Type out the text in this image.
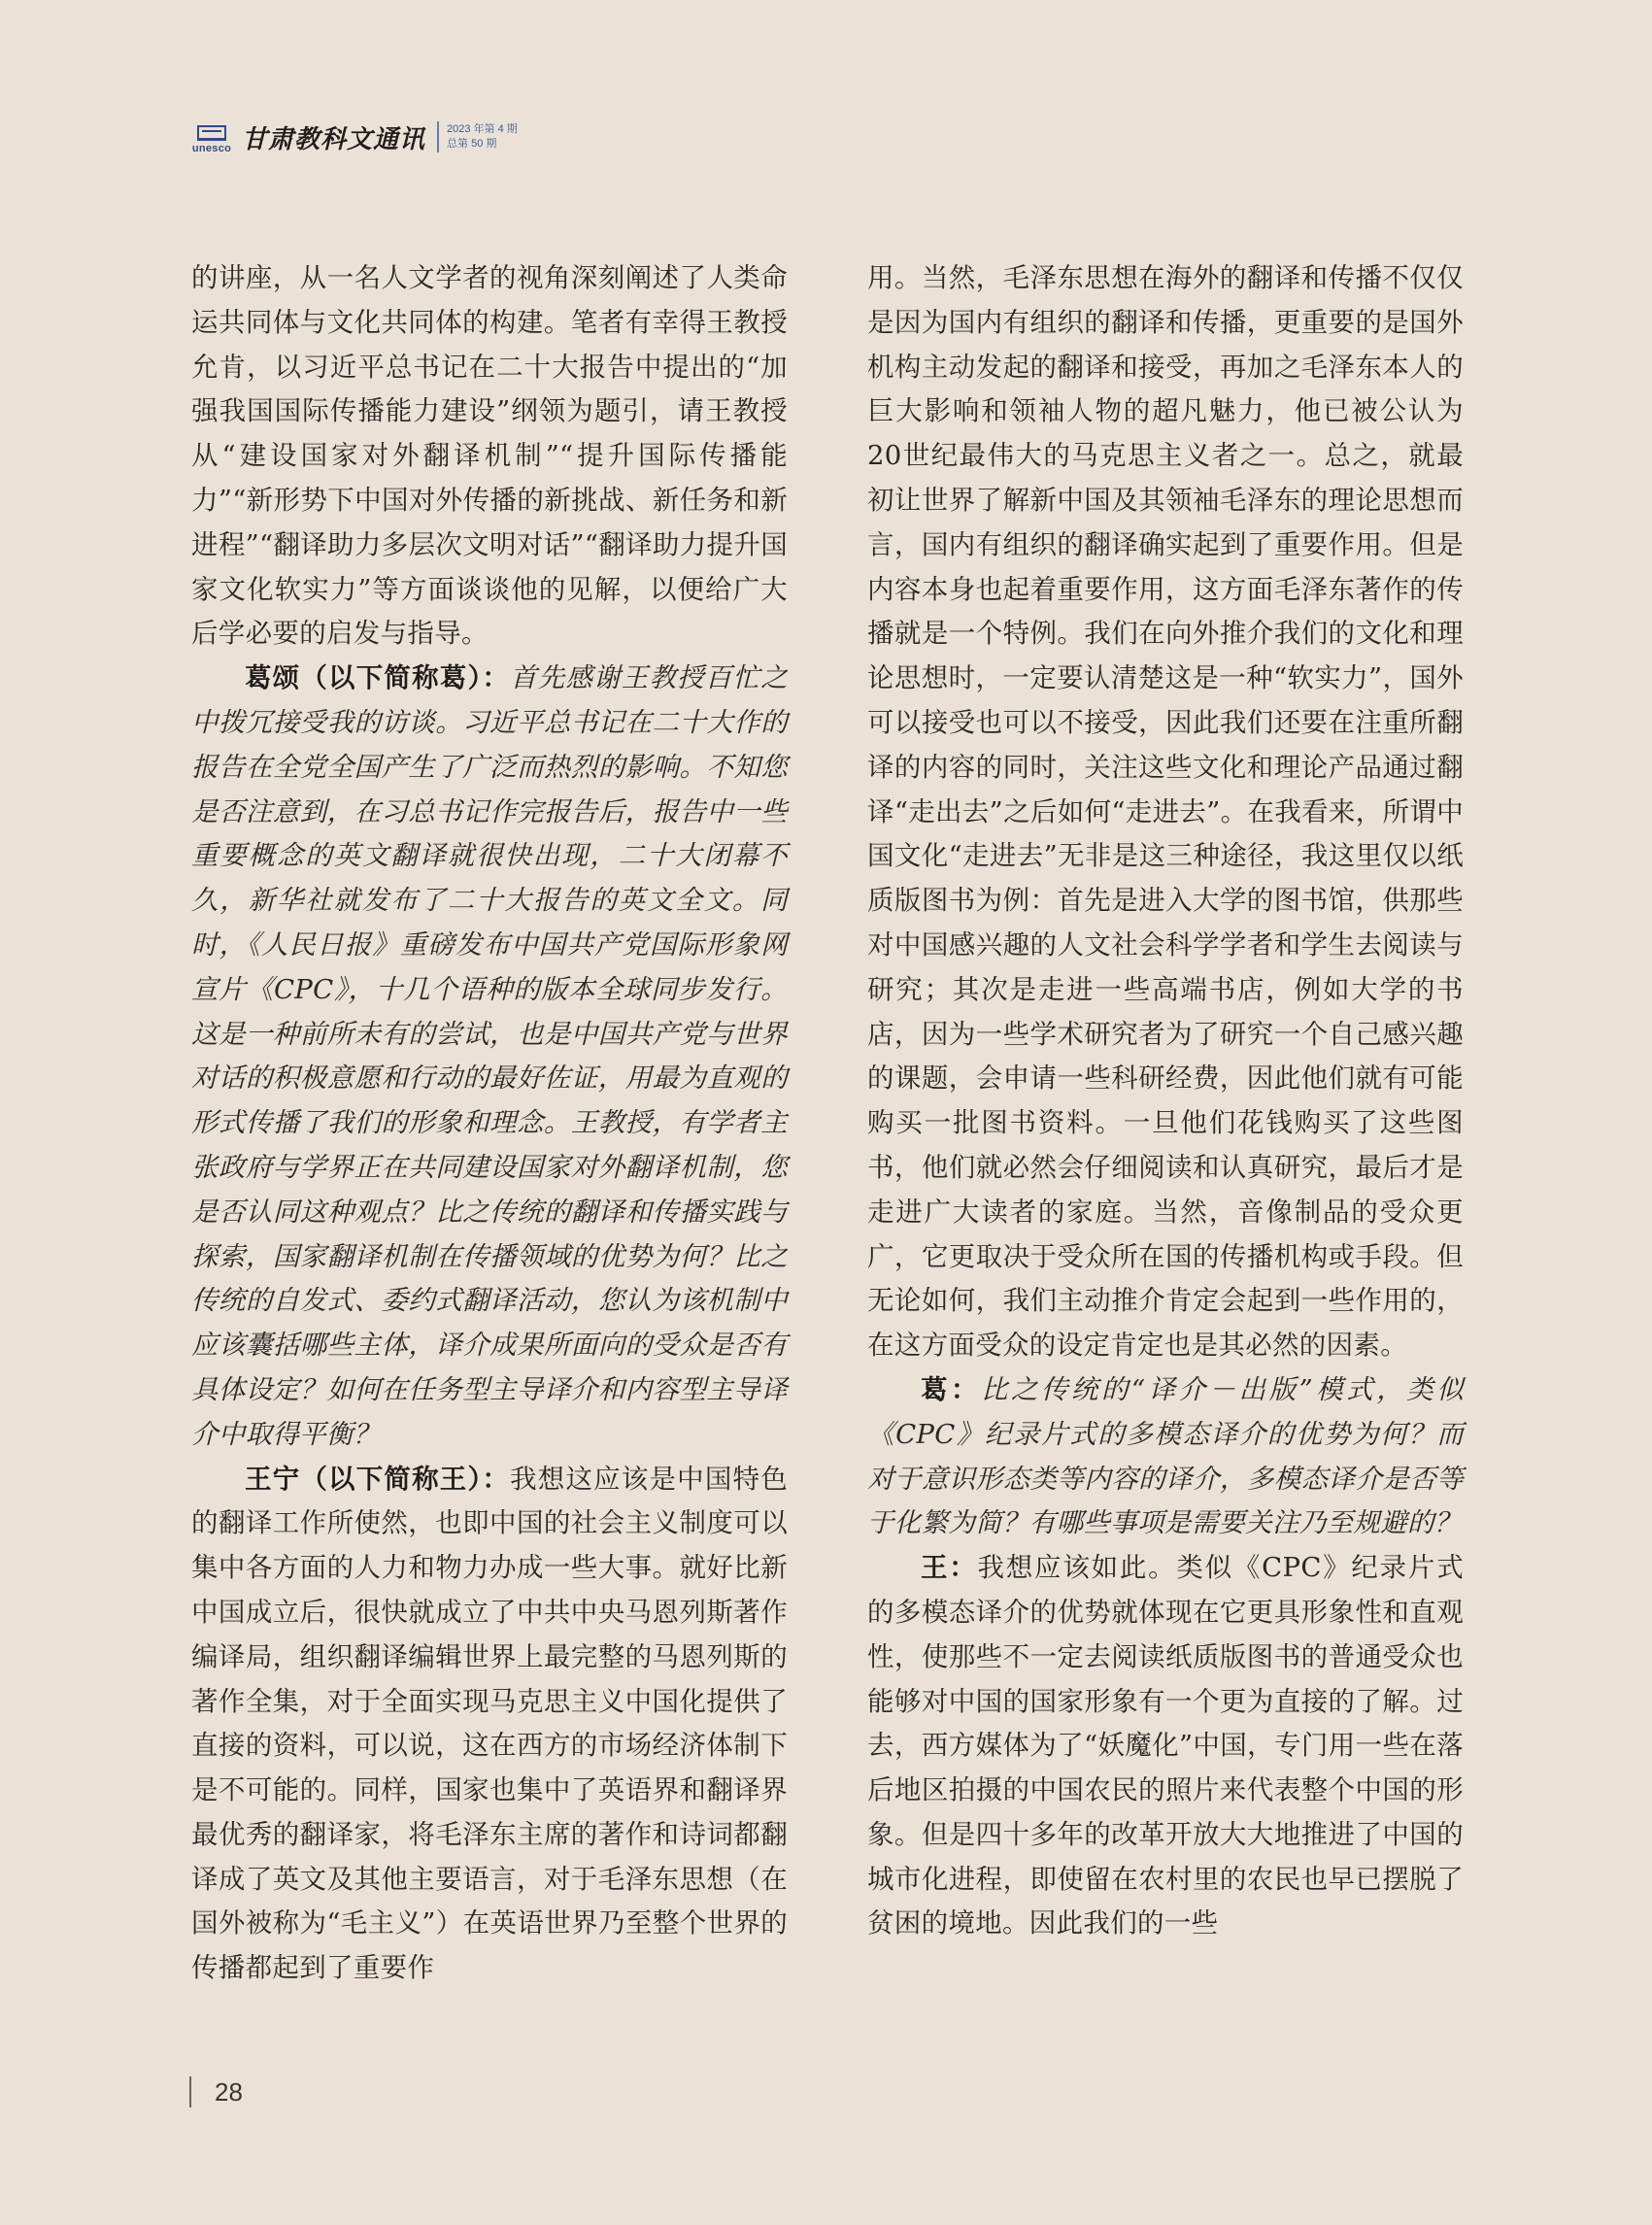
unesco 甘肃教科文通讯 2023 年第 4 期
总第 50 期

的讲座，从一名人文学者的视角深刻阐述了人类命运共同体与文化共同体的构建。笔者有幸得王教授允肯，以习近平总书记在二十大报告中提出的“加强我国国际传播能力建设”纲领为题引，请王教授从“建设国家对外翻译机制”“提升国际传播能力”“新形势下中国对外传播的新挑战、新任务和新进程”“翻译助力多层次文明对话”“翻译助力提升国家文化软实力”等方面谈谈他的见解，以便给广大后学必要的启发与指导。

葛颂（以下简称葛）：首先感谢王教授百忙之中拨冗接受我的访谈。习近平总书记在二十大作的报告在全党全国产生了广泛而热烈的影响。不知您是否注意到，在习总书记作完报告后，报告中一些重要概念的英文翻译就很快出现，二十大闭幕不久，新华社就发布了二十大报告的英文全文。同时，《人民日报》重磅发布中国共产党国际形象网宣片《CPC》，十几个语种的版本全球同步发行。这是一种前所未有的尝试，也是中国共产党与世界对话的积极意愿和行动的最好佐证，用最为直观的形式传播了我们的形象和理念。王教授，有学者主张政府与学界正在共同建设国家对外翻译机制，您是否认同这种观点？比之传统的翻译和传播实践与探索，国家翻译机制在传播领域的优势为何？比之传统的自发式、委约式翻译活动，您认为该机制中应该囊括哪些主体，译介成果所面向的受众是否有具体设定？如何在任务型主导译介和内容型主导译介中取得平衡？

王宁（以下简称王）：我想这应该是中国特色的翻译工作所使然，也即中国的社会主义制度可以集中各方面的人力和物力办成一些大事。就好比新中国成立后，很快就成立了中共中央马恩列斯著作编译局，组织翻译编辑世界上最完整的马恩列斯的著作全集，对于全面实现马克思主义中国化提供了直接的资料，可以说，这在西方的市场经济体制下是不可能的。同样，国家也集中了英语界和翻译界最优秀的翻译家，将毛泽东主席的著作和诗词都翻译成了英文及其他主要语言，对于毛泽东思想（在国外被称为“毛主义”）在英语世界乃至整个世界的传播都起到了重要作

用。当然，毛泽东思想在海外的翻译和传播不仅仅是因为国内有组织的翻译和传播，更重要的是国外机构主动发起的翻译和接受，再加之毛泽东本人的巨大影响和领袖人物的超凡魅力，他已被公认为20世纪最伟大的马克思主义者之一。总之，就最初让世界了解新中国及其领袖毛泽东的理论思想而言，国内有组织的翻译确实起到了重要作用。但是内容本身也起着重要作用，这方面毛泽东著作的传播就是一个特例。我们在向外推介我们的文化和理论思想时，一定要认清楚这是一种“软实力”，国外可以接受也可以不接受，因此我们还要在注重所翻译的内容的同时，关注这些文化和理论产品通过翻译“走出去”之后如何“走进去”。在我看来，所谓中国文化“走进去”无非是这三种途径，我这里仅以纸质版图书为例：首先是进入大学的图书馆，供那些对中国感兴趣的人文社会科学学者和学生去阅读与研究；其次是走进一些高端书店，例如大学的书店，因为一些学术研究者为了研究一个自己感兴趣的课题，会申请一些科研经费，因此他们就有可能购买一批图书资料。一旦他们花钱购买了这些图书，他们就必然会仔细阅读和认真研究，最后才是走进广大读者的家庭。当然，音像制品的受众更广，它更取决于受众所在国的传播机构或手段。但无论如何，我们主动推介肯定会起到一些作用的，在这方面受众的设定肯定也是其必然的因素。

葛：比之传统的“译介－出版”模式，类似《CPC》纪录片式的多模态译介的优势为何？而对于意识形态类等内容的译介，多模态译介是否等于化繁为简？有哪些事项是需要关注乃至规避的？

王：我想应该如此。类似《CPC》纪录片式的多模态译介的优势就体现在它更具形象性和直观性，使那些不一定去阅读纸质版图书的普通受众也能够对中国的国家形象有一个更为直接的了解。过去，西方媒体为了“妖魔化”中国，专门用一些在落后地区拍摄的中国农民的照片来代表整个中国的形象。但是四十多年的改革开放大大地推进了中国的城市化进程，即使留在农村里的农民也早已摆脱了贫困的境地。因此我们的一些

28
